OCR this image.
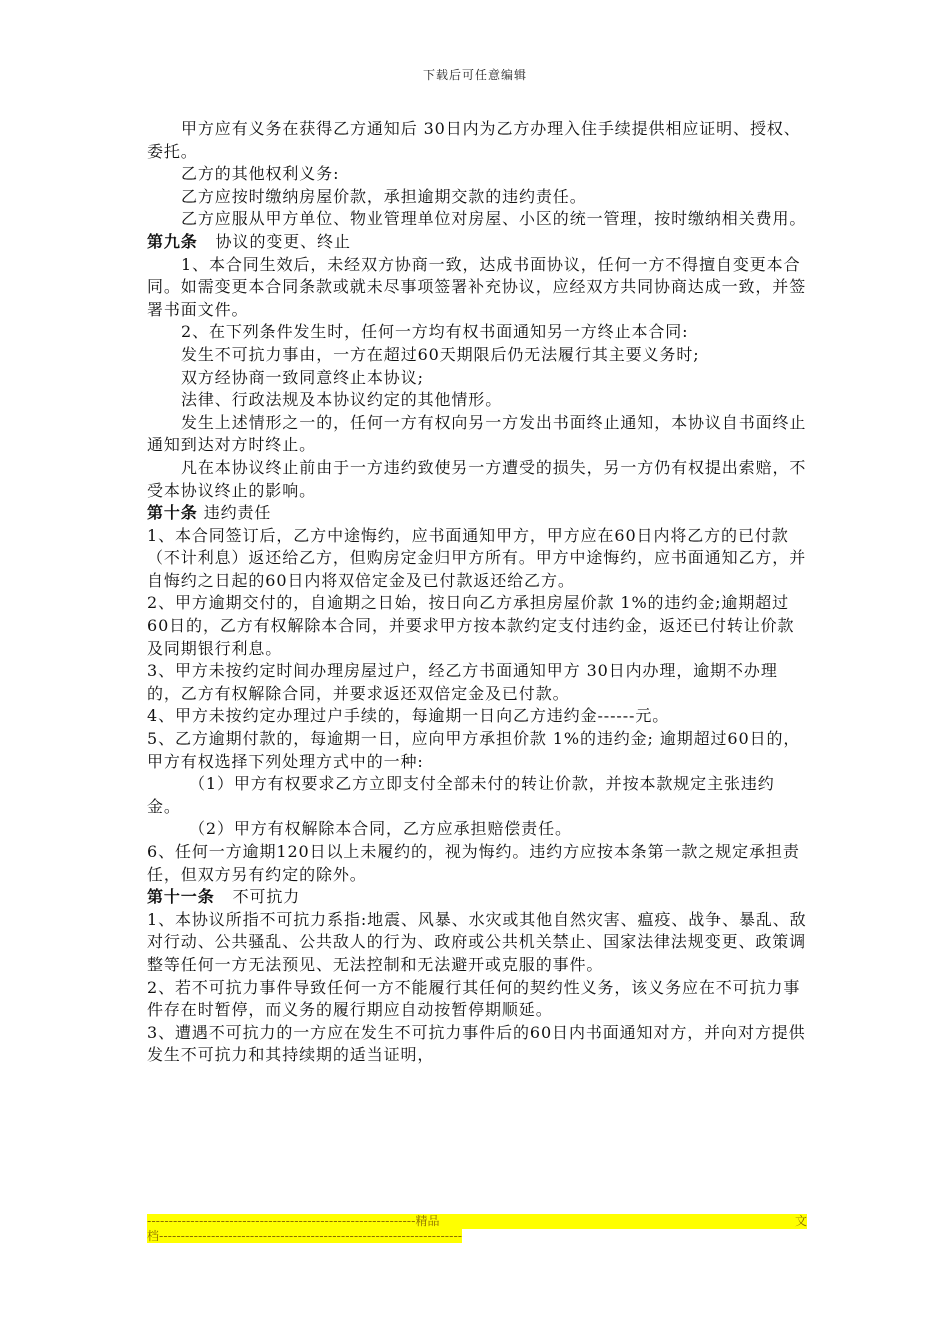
下载后可任意编辑

甲方应有义务在获得乙方通知后 30日内为乙方办理入住手续提供相应证明、授权、委托。

乙方的其他权利义务:

乙方应按时缴纳房屋价款，承担逾期交款的违约责任。

乙方应服从甲方单位、物业管理单位对房屋、小区的统一管理，按时缴纳相关费用。

第九条   协议的变更、终止

1、本合同生效后，未经双方协商一致，达成书面协议，任何一方不得擅自变更本合同。如需变更本合同条款或就未尽事项签署补充协议，应经双方共同协商达成一致，并签署书面文件。

2、在下列条件发生时，任何一方均有权书面通知另一方终止本合同:

发生不可抗力事由，一方在超过60天期限后仍无法履行其主要义务时;

双方经协商一致同意终止本协议;

法律、行政法规及本协议约定的其他情形。

发生上述情形之一的，任何一方有权向另一方发出书面终止通知，本协议自书面终止通知到达对方时终止。

凡在本协议终止前由于一方违约致使另一方遭受的损失，另一方仍有权提出索赔，不受本协议终止的影响。

第十条 违约责任

1、本合同签订后，乙方中途悔约，应书面通知甲方，甲方应在60日内将乙方的已付款（不计利息）返还给乙方，但购房定金归甲方所有。甲方中途悔约，应书面通知乙方，并自悔约之日起的60日内将双倍定金及已付款返还给乙方。

2、甲方逾期交付的，自逾期之日始，按日向乙方承担房屋价款 1%的违约金;逾期超过60日的，乙方有权解除本合同，并要求甲方按本款约定支付违约金，返还已付转让价款及同期银行利息。

3、甲方未按约定时间办理房屋过户，经乙方书面通知甲方 30日内办理，逾期不办理的，乙方有权解除合同，并要求返还双倍定金及已付款。

4、甲方未按约定办理过户手续的，每逾期一日向乙方违约金------元。

5、乙方逾期付款的，每逾期一日，应向甲方承担价款 1%的违约金; 逾期超过60日的，甲方有权选择下列处理方式中的一种:

（1）甲方有权要求乙方立即支付全部未付的转让价款，并按本款规定主张违约金。

（2）甲方有权解除本合同，乙方应承担赔偿责任。

6、任何一方逾期120日以上未履约的，视为悔约。违约方应按本条第一款之规定承担责任，但双方另有约定的除外。

第十一条   不可抗力

1、本协议所指不可抗力系指:地震、风暴、水灾或其他自然灾害、瘟疫、战争、暴乱、敌对行动、公共骚乱、公共敌人的行为、政府或公共机关禁止、国家法律法规变更、政策调整等任何一方无法预见、无法控制和无法避开或克服的事件。

2、若不可抗力事件导致任何一方不能履行其任何的契约性义务，该义务应在不可抗力事件存在时暂停，而义务的履行期应自动按暂停期顺延。

3、遭遇不可抗力的一方应在发生不可抗力事件后的60日内书面通知对方，并向对方提供发生不可抗力和其持续期的适当证明，

-------------------------------------------------------------- 精 品	文
档----------------------------------------------------------------------
